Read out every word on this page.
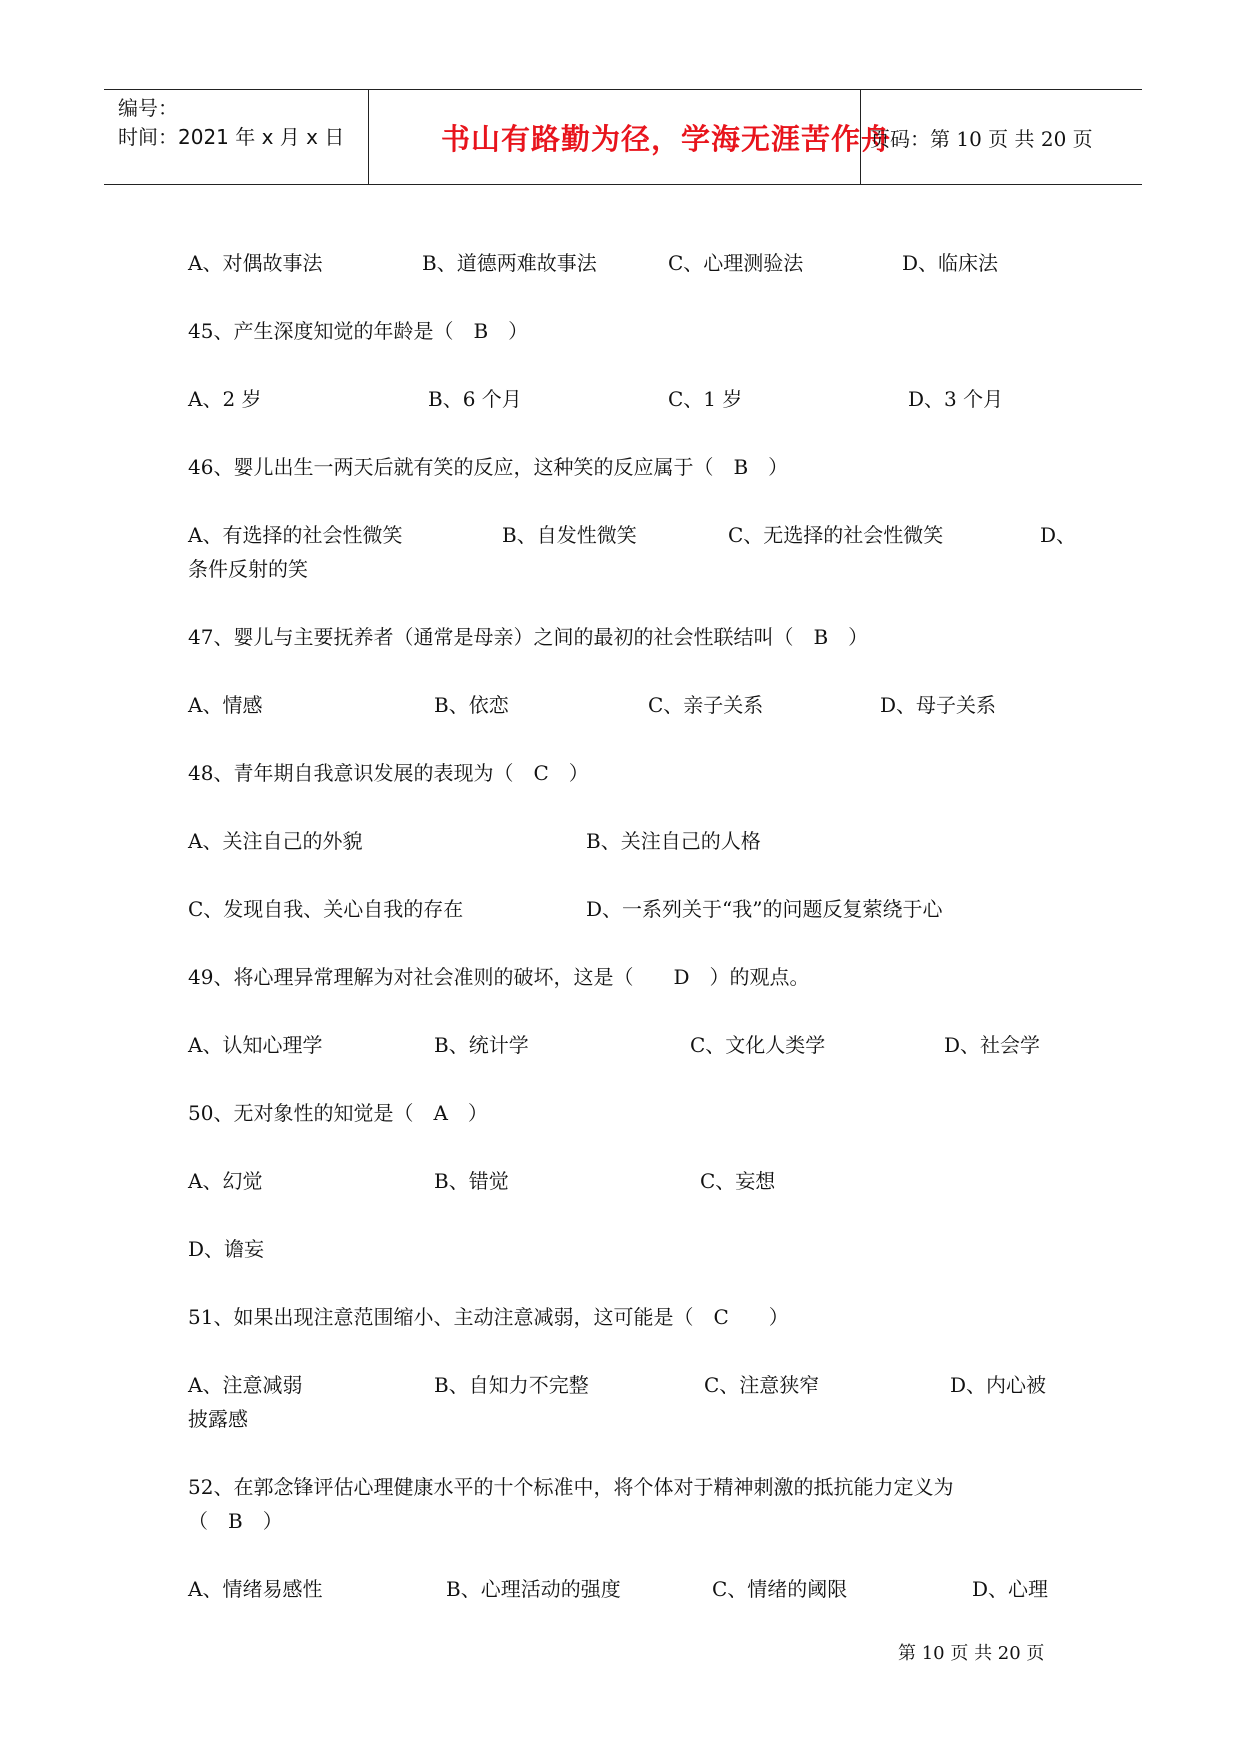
编号：
时间：2021 年 x 月 x 日	书山有路勤为径，学海无涯苦作舟
页码：第 10 页 共 20 页
A、对偶故事法	B、道德两难故事法	C、心理测验法	D、临床法
45、产生深度知觉的年龄是（　B　）
A、2 岁	B、6 个月	C、1 岁	D、3 个月
46、婴儿出生一两天后就有笑的反应，这种笑的反应属于（　B　）
A、有选择的社会性微笑	B、自发性微笑	C、无选择的社会性微笑	D、
条件反射的笑
47、婴儿与主要抚养者（通常是母亲）之间的最初的社会性联结叫（　B　）
A、情感	B、依恋	C、亲子关系	D、母子关系
48、青年期自我意识发展的表现为（　C　）
A、关注自己的外貌	B、关注自己的人格
C、发现自我、关心自我的存在	D、一系列关于“我”的问题反复萦绕于心
49、将心理异常理解为对社会准则的破坏，这是（　　D　）的观点。
A、认知心理学	B、统计学	C、文化人类学	D、社会学
50、无对象性的知觉是（　A　）
A、幻觉	B、错觉	C、妄想
D、谵妄
51、如果出现注意范围缩小、主动注意减弱，这可能是（　C　　）
A、注意减弱	B、自知力不完整	C、注意狭窄	D、内心被
披露感
52、在郭念锋评估心理健康水平的十个标准中，将个体对于精神刺激的抵抗能力定义为
（　B　）
A、情绪易感性	B、心理活动的强度	C、情绪的阈限	D、心理
第 10 页 共 20 页
